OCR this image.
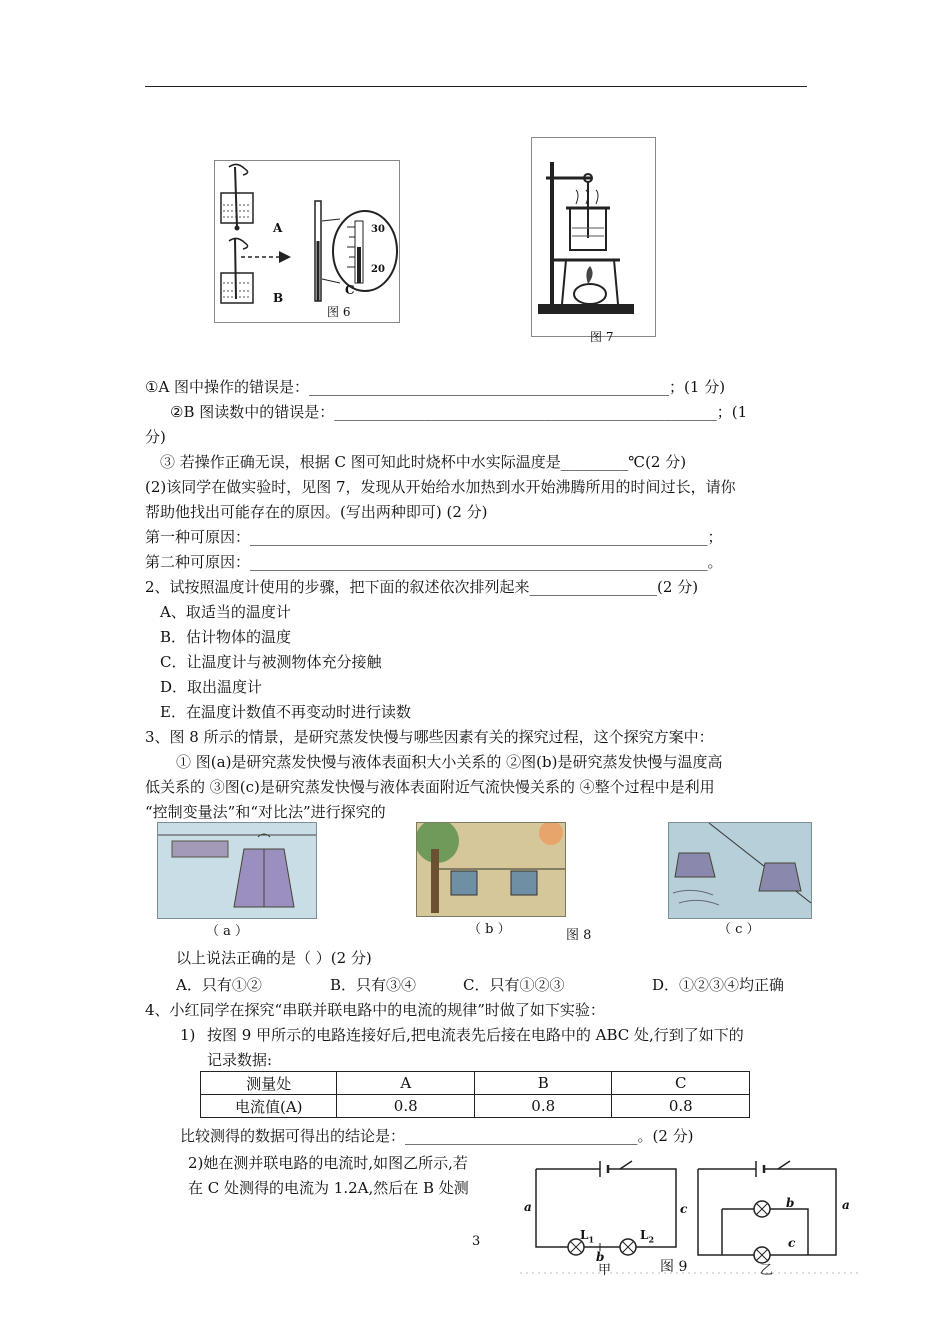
A
B
C
30
20
图 6
图 7
①A 图中操作的错误是：________________________________________________；(1 分)
②B 图读数中的错误是：___________________________________________________；(1
分)
③ 若操作正确无误，根据 C 图可知此时烧杯中水实际温度是_________℃(2 分)
(2)该同学在做实验时，见图 7，发现从开始给水加热到水开始沸腾所用的时间过长，请你
帮助他找出可能存在的原因。(写出两种即可) (2 分)
第一种可原因：_____________________________________________________________；
第二种可原因：_____________________________________________________________。
2、试按照温度计使用的步骤，把下面的叙述依次排列起来_________________(2 分)
A、取适当的温度计
B．估计物体的温度
C．让温度计与被测物体充分接触
D．取出温度计
E．在温度计数值不再变动时进行读数
3、图 8 所示的情景，是研究蒸发快慢与哪些因素有关的探究过程，这个探究方案中：
① 图(a)是研究蒸发快慢与液体表面积大小关系的 ②图(b)是研究蒸发快慢与温度高
低关系的 ③图(c)是研究蒸发快慢与液体表面附近气流快慢关系的 ④整个过程中是利用
“控制变量法”和“对比法”进行探究的
（ a ）	（ b ）	图 8	（ c ）
以上说法正确的是（ ）(2 分)
A．只有①②	B．只有③④	C．只有①②③	D．①②③④均正确
4、小红同学在探究“串联并联电路中的电流的规律”时做了如下实验：
1) 按图 9 甲所示的电路连接好后,把电流表先后接在电路中的 ABC 处,行到了如下的
记录数据:
测量处	A	B	C
电流值(A)	0.8	0.8	0.8
比较测得的数据可得出的结论是：_______________________________。(2 分)
2)她在测并联电路的电流时,如图乙所示,若
在 C 处测得的电流为 1.2A,然后在 B 处测
a	c
b
$L_1$	$L_2$
甲	图 9
b	a
c
乙
3
